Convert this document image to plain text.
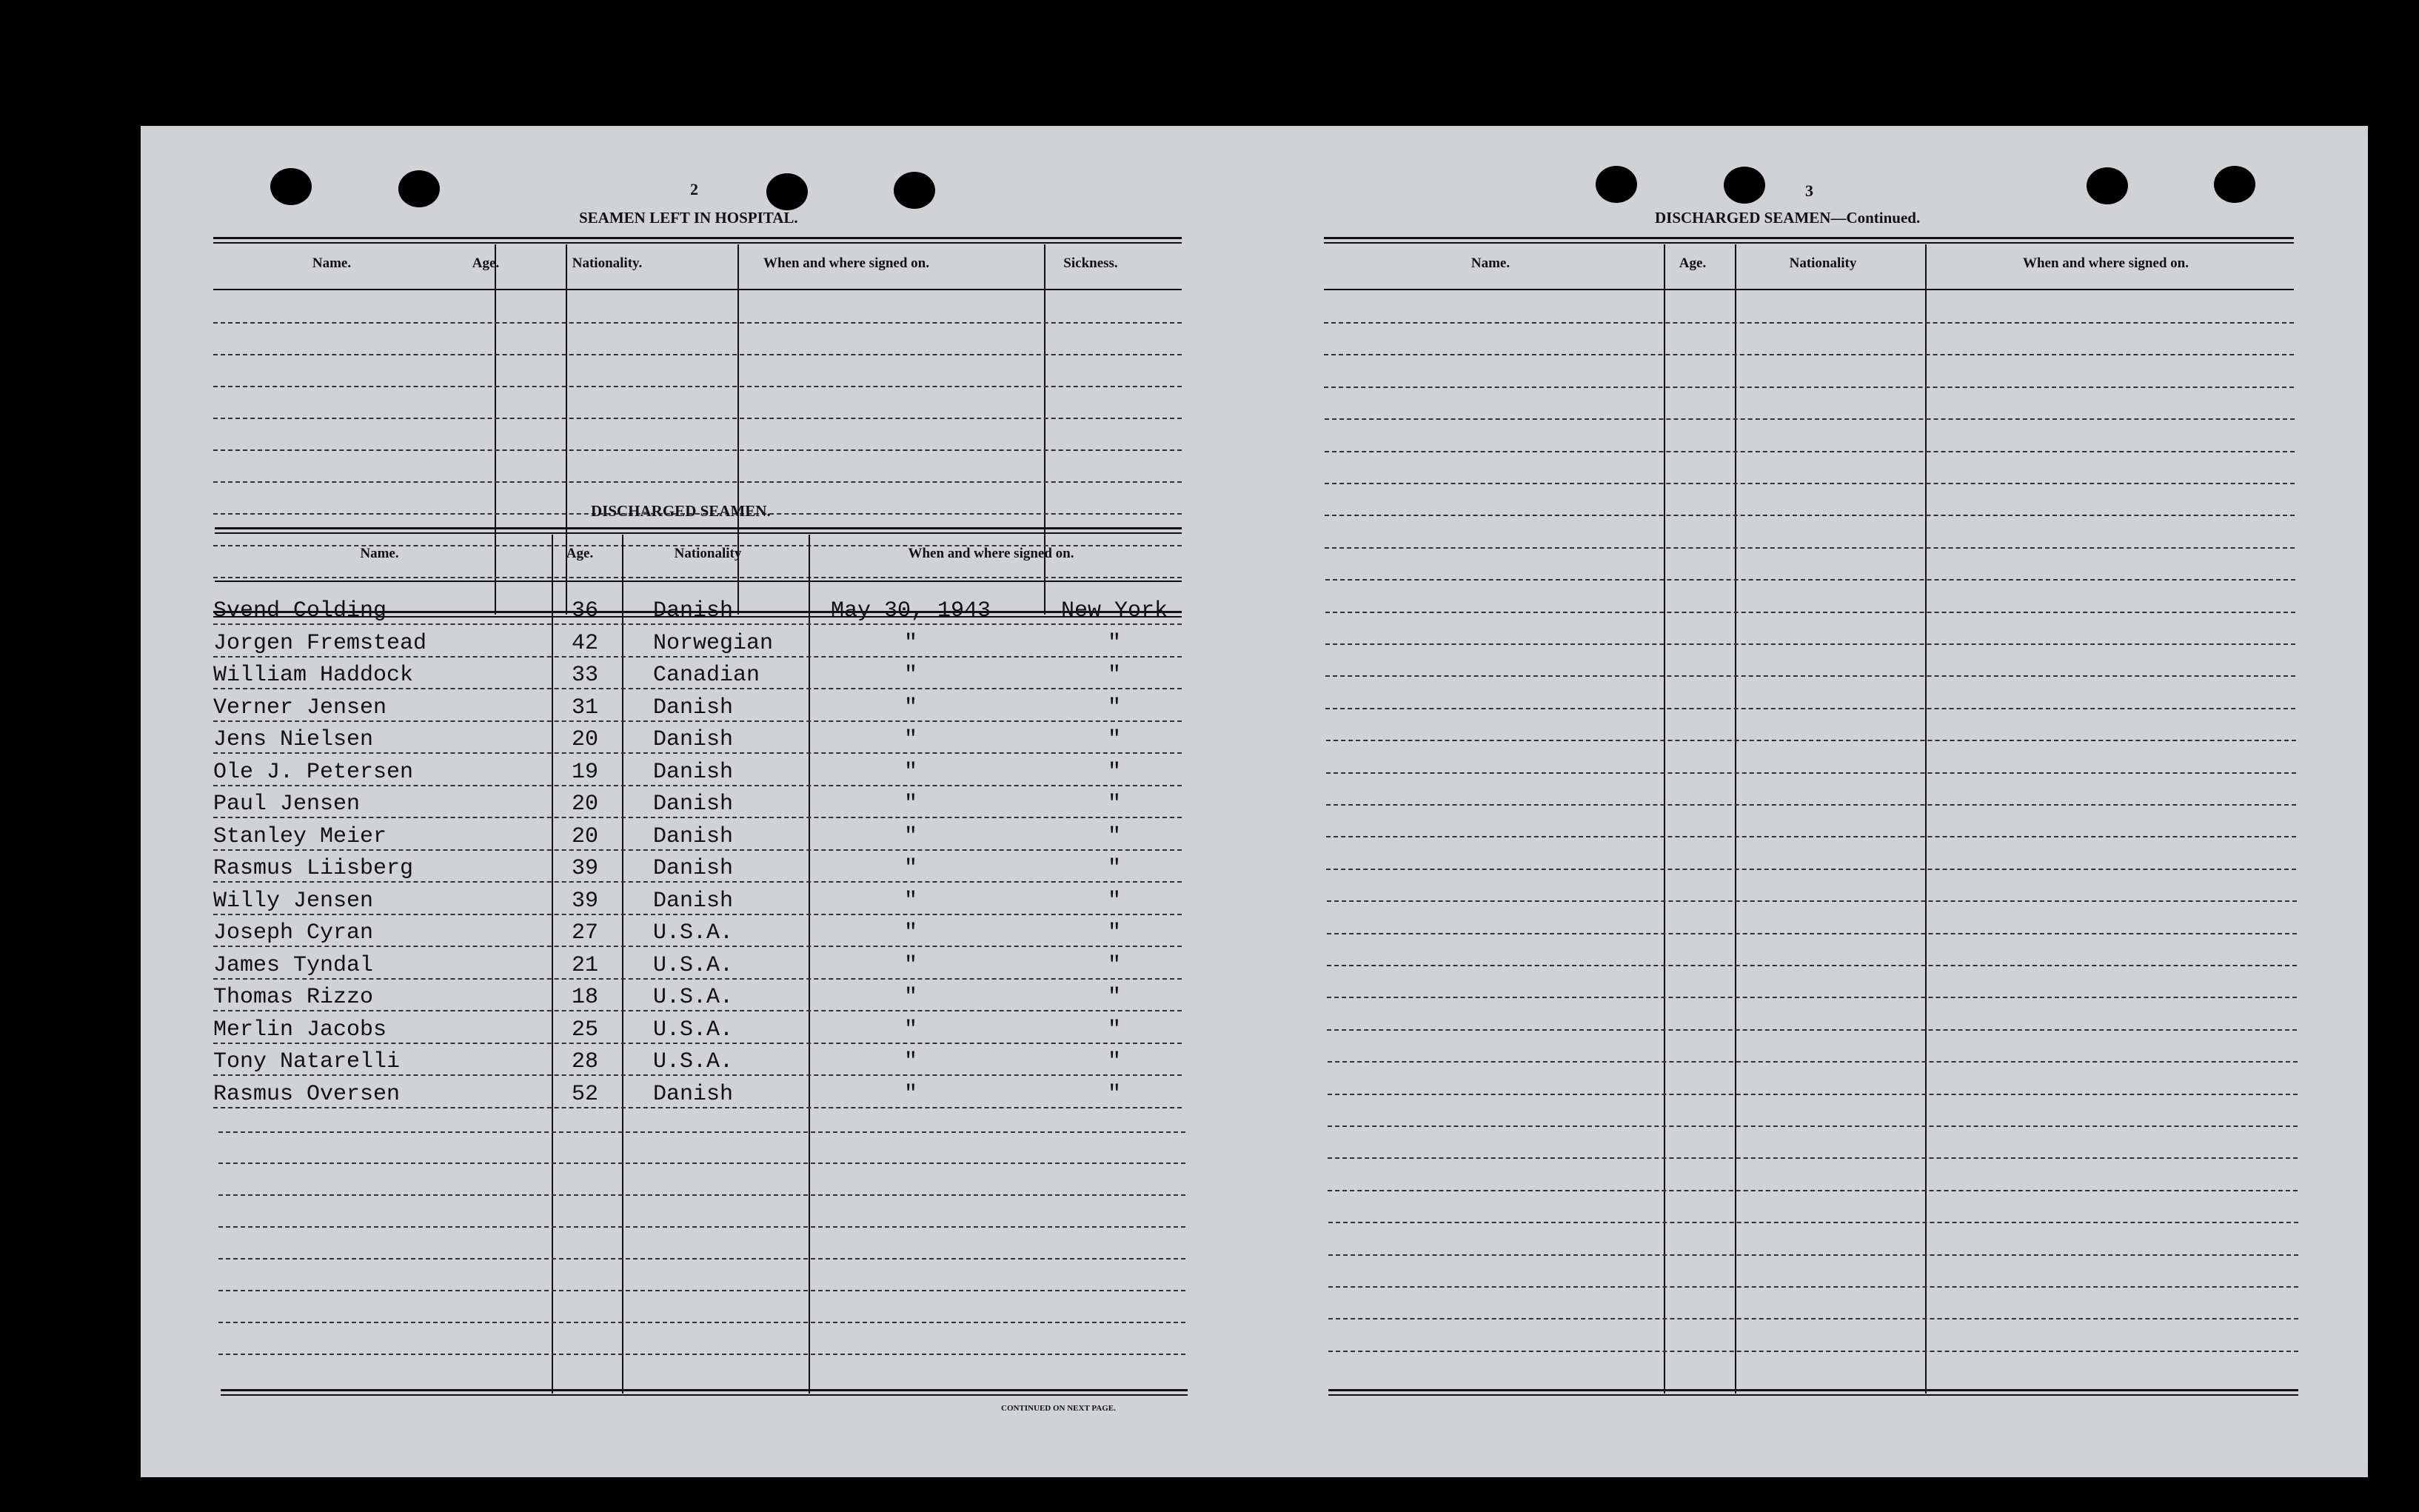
2
SEAMEN LEFT IN HOSPITAL.
Name.	Age.	Nationality.	When and where signed on.	Sickness.
DISCHARGED SEAMEN.
Name.	Age.	Nationality	When and where signed on.
Svend Colding	36	Danish	May 30, 1943	New York
Jorgen Fremstead	42	Norwegian	"	"
William Haddock	33	Canadian	"	"
Verner Jensen	31	Danish	"	"
Jens Nielsen	20	Danish	"	"
Ole J. Petersen	19	Danish	"	"
Paul Jensen	20	Danish	"	"
Stanley Meier	20	Danish	"	"
Rasmus Liisberg	39	Danish	"	"
Willy Jensen	39	Danish	"	"
Joseph Cyran	27	U.S.A.	"	"
James Tyndal	21	U.S.A.	"	"
Thomas Rizzo	18	U.S.A.	"	"
Merlin Jacobs	25	U.S.A.	"	"
Tony Natarelli	28	U.S.A.	"	"
Rasmus Oversen	52	Danish	"	"
CONTINUED ON NEXT PAGE.
3
DISCHARGED SEAMEN—Continued.
Name.	Age.	Nationality	When and where signed on.
